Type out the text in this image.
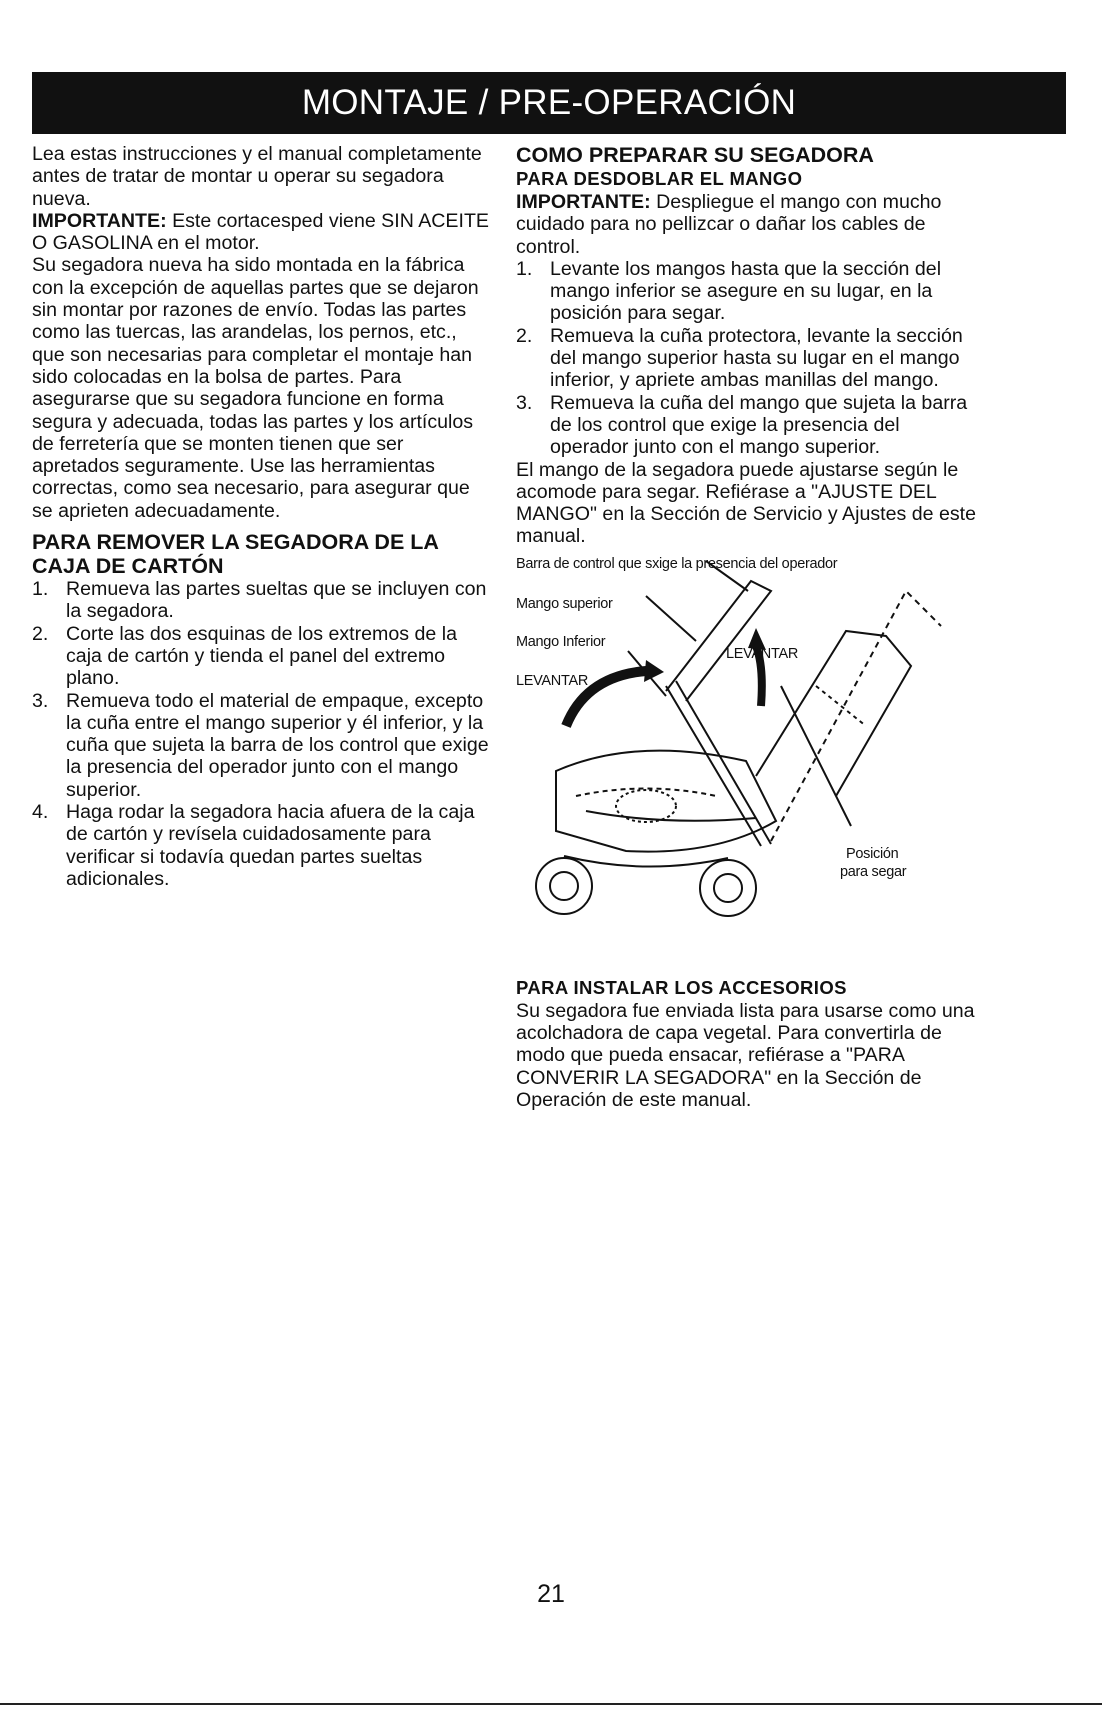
MONTAJE / PRE-OPERACIÓN

Lea estas instrucciones y el manual completamente antes de tratar de montar u operar su segadora nueva.

IMPORTANTE: Este cortacesped viene SIN ACEITE O GASOLINA en el motor.

Su segadora nueva ha sido montada en la fábrica con la excepción de aquellas partes que se dejaron sin montar por razones de envío. Todas las partes como las tuercas, las arandelas, los pernos, etc., que son necesarias para completar el montaje han sido colocadas en la bolsa de partes. Para asegurarse que su segadora funcione en forma segura y adecuada, todas las partes y los artículos de ferretería que se monten tienen que ser apretados seguramente. Use las herramientas correctas, como sea necesario, para asegurar que se aprieten adecuadamente.

PARA REMOVER LA SEGADORA DE LA CAJA DE CARTÓN
1. Remueva las partes sueltas que se incluyen con la segadora.
2. Corte las dos esquinas de los extremos de la caja de cartón y tienda el panel del extremo plano.
3. Remueva todo el material de empaque, excepto la cuña entre el mango superior y él inferior, y la cuña que sujeta la barra de los control que exige la presencia del operador junto con el mango superior.
4. Haga rodar la segadora hacia afuera de la caja de cartón y revísela cuidadosamente para verificar si todavía quedan partes sueltas adicionales.
COMO PREPARAR SU SEGADORA
PARA DESDOBLAR EL MANGO

IMPORTANTE: Despliegue el mango con mucho cuidado para no pellizcar o dañar los cables de control.

1. Levante los mangos hasta que la sección del mango inferior se asegure en su lugar, en la posición para segar.
2. Remueva la cuña protectora, levante la sección del mango superior hasta su lugar en el mango inferior, y apriete ambas manillas del mango.
3. Remueva la cuña del mango que sujeta la barra de los control que exige la presencia del operador junto con el mango superior.

El mango de la segadora puede ajustarse según le acomode para segar. Refiérase a "AJUSTE DEL MANGO" en la Sección de Servicio y Ajustes de este manual.

Barra de control que sxige la presencia del operador
Mango superior
Mango Inferior
LEVANTAR
LEVANTAR
Posición
para segar
PARA INSTALAR LOS ACCESORIOS

Su segadora fue enviada lista para usarse como una acolchadora de capa vegetal. Para convertirla de modo que pueda ensacar, refiérase a "PARA CONVERIR LA SEGADORA" en la Sección de Operación de este manual.

21
